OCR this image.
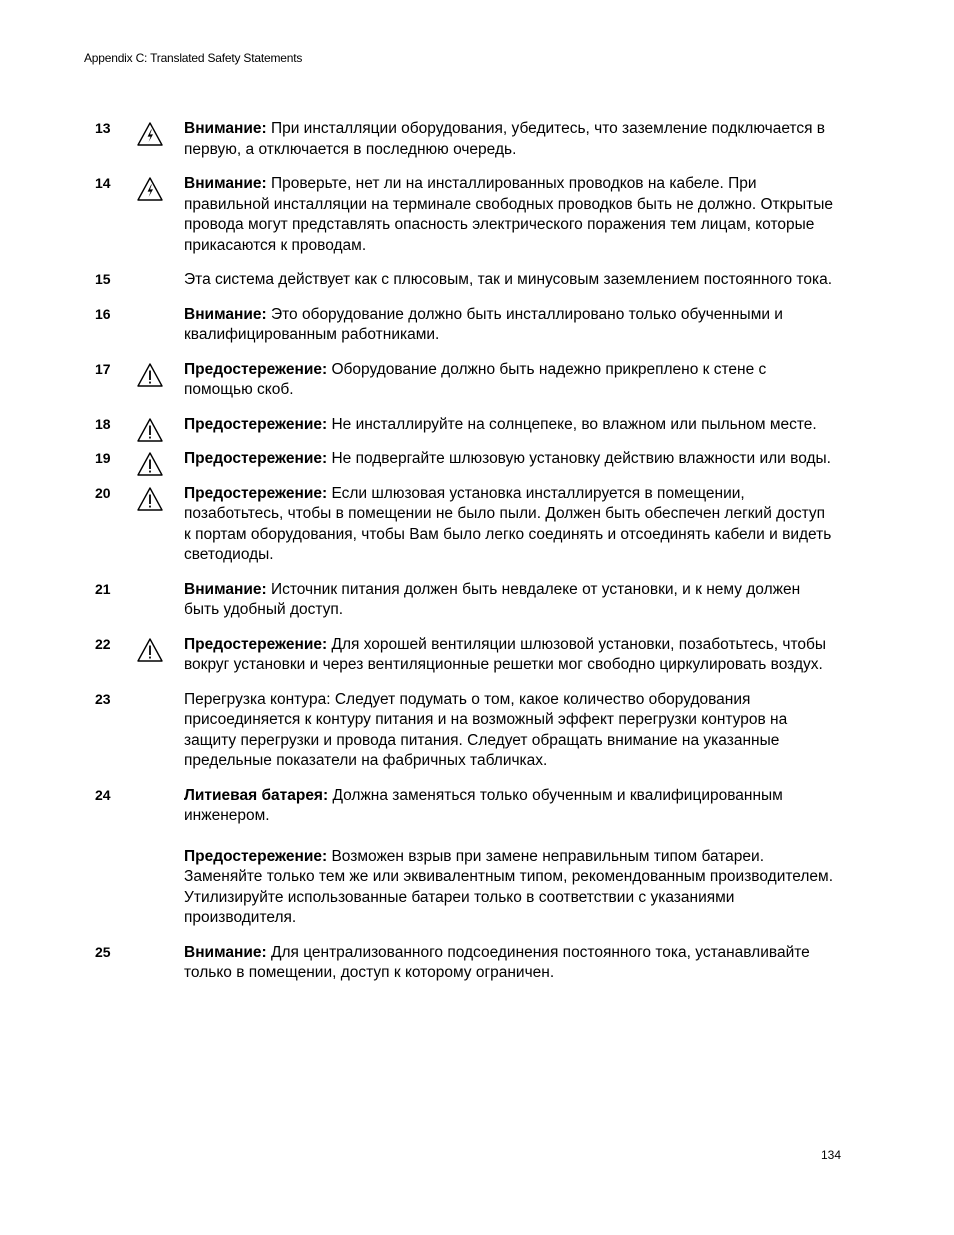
Appendix C: Translated Safety Statements
13	Внимание: При инсталляции оборудования, убедитесь, что заземление подключается в первую, а отключается в последнюю очередь.

14	Внимание: Проверьте, нет ли на инсталлированных проводков на кабеле. При правильной инсталляции на терминале свободных проводков быть не должно. Открытые провода могут представлять опасность электрического поражения тем лицам, которые прикасаются к проводам.

15	Эта система действует как с плюсовым, так и минусовым заземлением постоянного тока.

16	Внимание: Это оборудование должно быть инсталлировано только обученными и квалифицированным работниками.

17	Предостережение: Оборудование должно быть надежно прикреплено к стене с помощью скоб.

18	Предостережение: Не инсталлируйте на солнцепеке, во влажном или пыльном месте.

19	Предостережение: Не подвергайте шлюзовую установку действию влажности или воды.

20	Предостережение: Если шлюзовая установка инсталлируется в помещении, позаботьтесь, чтобы в помещении не было пыли. Должен быть обеспечен легкий доступ к портам оборудования, чтобы Вам было легко соединять и отсоединять кабели и видеть светодиоды.

21	Внимание: Источник питания должен быть невдалеке от установки, и к нему должен быть удобный доступ.

22	Предостережение: Для хорошей вентиляции шлюзовой установки, позаботьтесь, чтобы вокруг установки и через вентиляционные решетки мог свободно циркулировать воздух.

23	Перегрузка контура: Следует подумать о том, какое количество оборудования присоединяется к контуру питания и на возможный эффект перегрузки контуров на защиту перегрузки и провода питания. Следует обращать внимание на указанные предельные показатели на фабричных табличках.

24	Литиевая батарея: Должна заменяться только обученным и квалифицированным инженером.

Предостережение: Возможен взрыв при замене неправильным типом батареи. Заменяйте только тем же или эквивалентным типом, рекомендованным производителем. Утилизируйте использованные батареи только в соответствии с указаниями производителя.

25	Внимание: Для централизованного подсоединения постоянного тока, устанавливайте только в помещении, доступ к которому ограничен.

134
